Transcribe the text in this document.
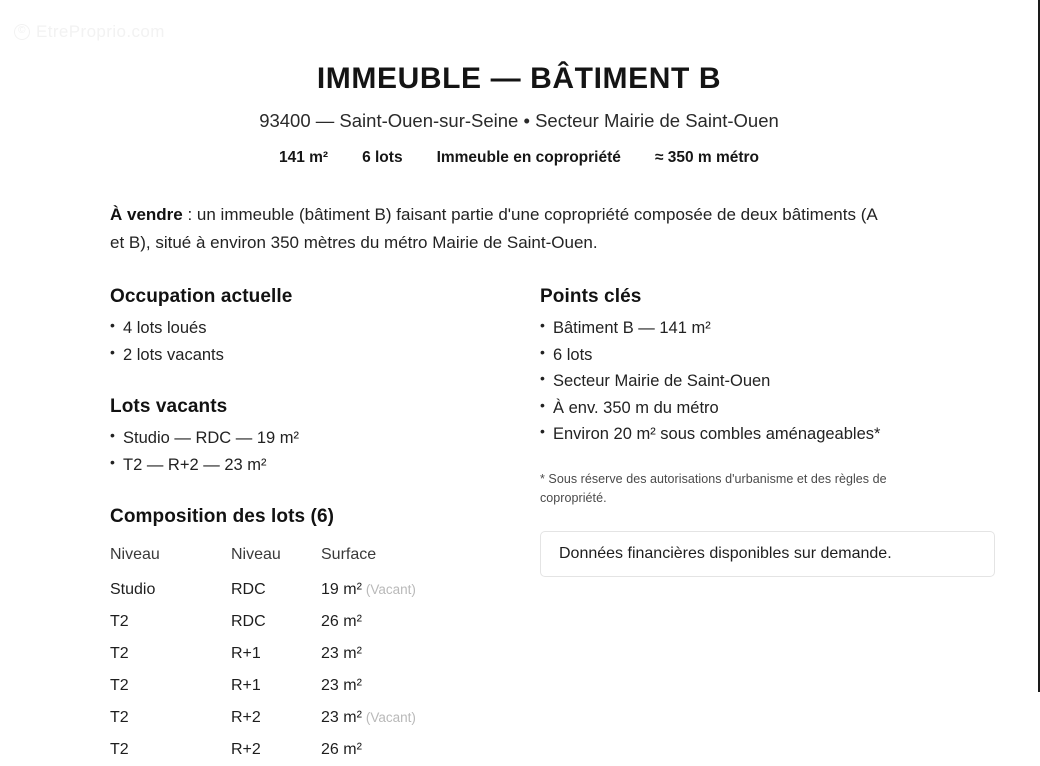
© EtreProprio.com
IMMEUBLE — BÂTIMENT B

93400 — Saint-Ouen-sur-Seine • Secteur Mairie de Saint-Ouen

141 m² 6 lots Immeuble en copropriété ≈ 350 m métro

À vendre : un immeuble (bâtiment B) faisant partie d'une copropriété composée de deux bâtiments (A et B), situé à environ 350 mètres du métro Mairie de Saint-Ouen.

Occupation actuelle
• 4 lots loués
• 2 lots vacants
Lots vacants
• Studio — RDC — 19 m²
• T2 — R+2 — 23 m²
Composition des lots (6)
Niveau	Niveau	Surface
Studio	RDC	19 m² (Vacant)
T2	RDC	26 m²
T2	R+1	23 m²
T2	R+1	23 m²
T2	R+2	23 m² (Vacant)
T2	R+2	26 m²
Points clés
• Bâtiment B — 141 m²
• 6 lots
• Secteur Mairie de Saint-Ouen
• À env. 350 m du métro
• Environ 20 m² sous combles aménageables*
* Sous réserve des autorisations d'urbanisme et des règles de copropriété.
Données financières disponibles sur demande.
